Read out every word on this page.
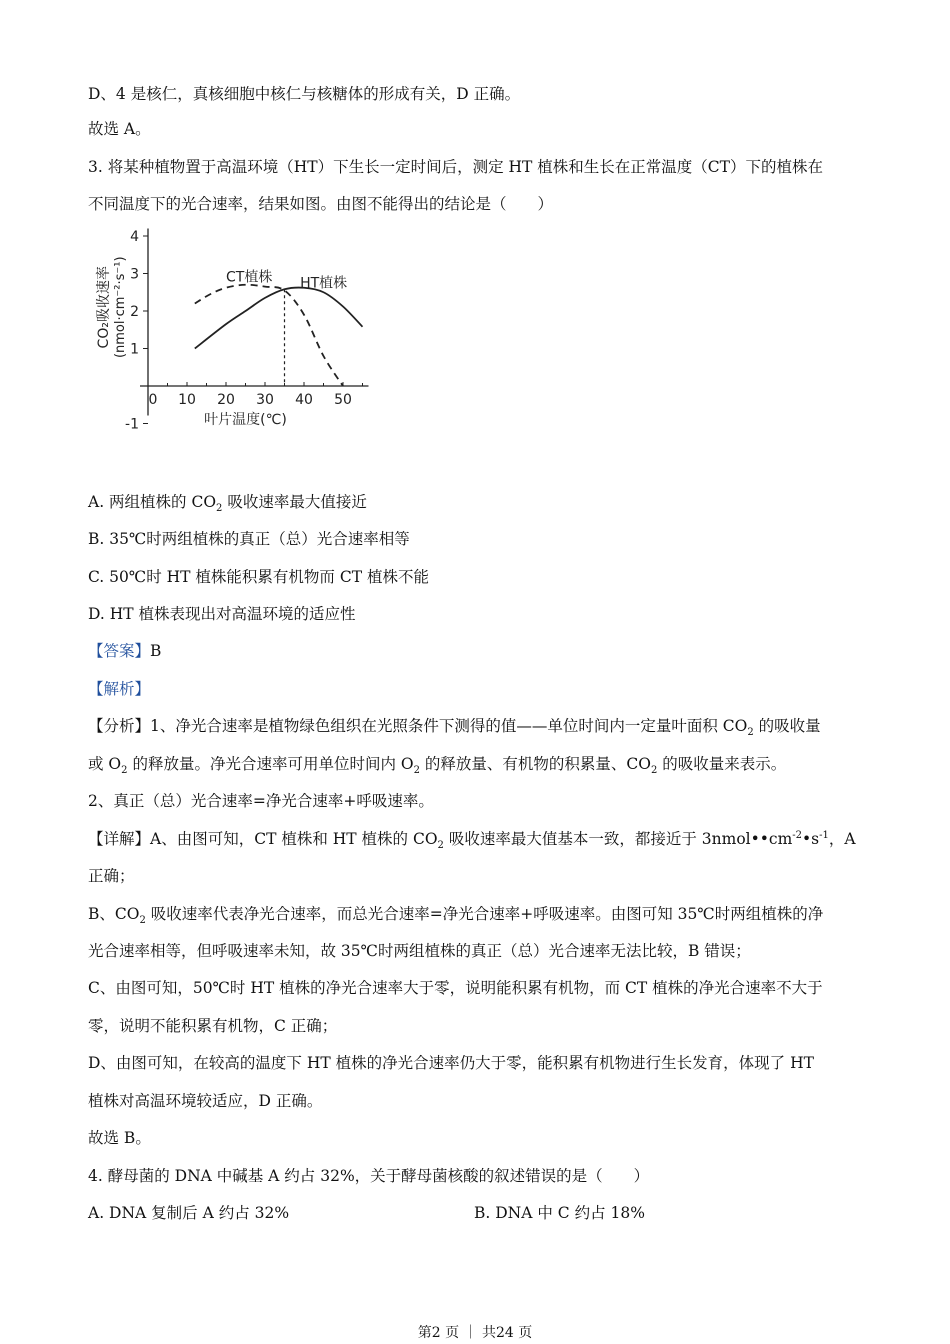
D、4 是核仁，真核细胞中核仁与核糖体的形成有关，D 正确。
故选 A。
3. 将某种植物置于高温环境（HT）下生长一定时间后，测定 HT 植株和生长在正常温度（CT）下的植株在
不同温度下的光合速率，结果如图。由图不能得出的结论是（　　）
0 10 20 30 40 50
-1
1
2
3
4
CT植株 HT植株
叶片温度(℃)
CO₂吸收速率 (nmol·cm⁻²·s⁻¹)
A. 两组植株的 $CO_2$ 吸收速率最大值接近
B. 35℃时两组植株的真正（总）光合速率相等
C. 50℃时 HT 植株能积累有机物而 CT 植株不能
D. HT 植株表现出对高温环境的适应性
【答案】B
【解析】
【分析】1、净光合速率是植物绿色组织在光照条件下测得的值——单位时间内一定量叶面积 $CO_2$ 的吸收量
或 $O_2$ 的释放量。净光合速率可用单位时间内 $O_2$ 的释放量、有机物的积累量、$CO_2$ 的吸收量来表示。
2、真正（总）光合速率=净光合速率+呼吸速率。
【详解】A、由图可知，CT 植株和 HT 植株的 $CO_2$ 吸收速率最大值基本一致，都接近于 $3nmol••cm^{-2}•s^{-1}$，A
正确；
B、$CO_2$ 吸收速率代表净光合速率，而总光合速率=净光合速率+呼吸速率。由图可知 35℃时两组植株的净
光合速率相等，但呼吸速率未知，故 35℃时两组植株的真正（总）光合速率无法比较，B 错误；
C、由图可知，50℃时 HT 植株的净光合速率大于零，说明能积累有机物，而 CT 植株的净光合速率不大于
零，说明不能积累有机物，C 正确；
D、由图可知，在较高的温度下 HT 植株的净光合速率仍大于零，能积累有机物进行生长发育，体现了 HT
植株对高温环境较适应，D 正确。
故选 B。
4. 酵母菌的 DNA 中碱基 A 约占 32%，关于酵母菌核酸的叙述错误的是（　　）
A. DNA 复制后 A 约占 32%	B. DNA 中 C 约占 18%
第2 页 ｜ 共24 页
